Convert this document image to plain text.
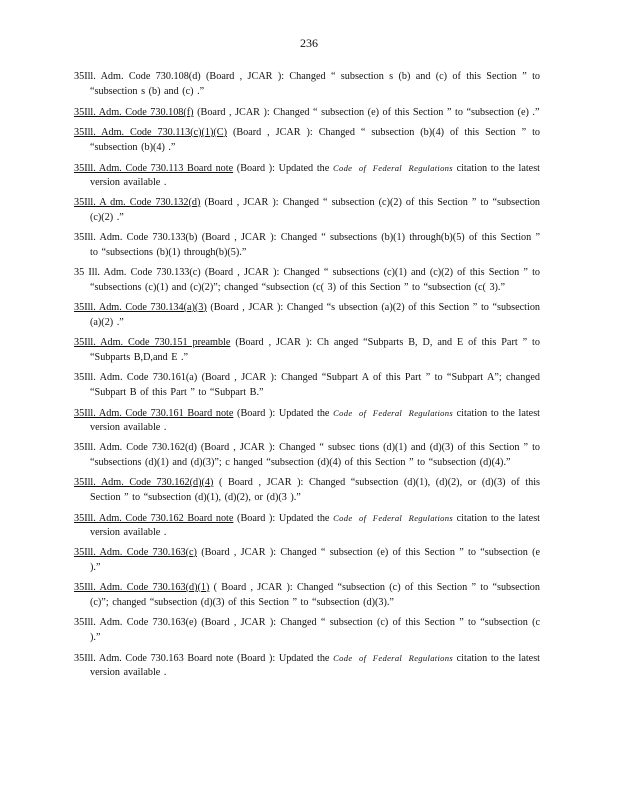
236

35Ill. Adm. Code 730.108(d) (Board , JCAR ): Changed “ subsection s (b) and (c) of this Section ” to “subsection s (b) and (c) .”

35Ill. Adm. Code 730.108(f) (Board , JCAR ): Changed “ subsection (e) of this Section ” to “subsection (e) .”

35Ill. Adm. Code 730.113(c)(1)(C) (Board , JCAR ): Changed “ subsection (b)(4) of this Section ” to “subsection (b)(4) .”

35Ill. Adm. Code 730.113 Board note (Board ): Updated the Code of Federal Regulations citation to the latest version available .

35Ill. A dm. Code 730.132(d) (Board , JCAR ): Changed “ subsection (c)(2) of this Section ” to “subsection (c)(2) .”

35Ill. Adm. Code 730.133(b) (Board , JCAR ): Changed “ subsections (b)(1) through(b)(5) of this Section ” to “subsections (b)(1) through(b)(5).”

35 Ill. Adm. Code 730.133(c) (Board , JCAR ): Changed “ subsections (c)(1) and (c)(2) of this Section ” to “subsections (c)(1) and (c)(2)”; changed “subsection (c( 3) of this Section ” to “subsection (c( 3).”

35Ill. Adm. Code 730.134(a)(3) (Board , JCAR ): Changed “s ubsection (a)(2) of this Section ” to “subsection (a)(2) .”

35Ill. Adm. Code 730.151 preamble (Board , JCAR ): Ch anged “Subparts B, D, and E of this Part ” to “Subparts B,D,and E .”

35Ill. Adm. Code 730.161(a) (Board , JCAR ): Changed “Subpart A of this Part ” to “Subpart A”; changed “Subpart B of this Part ” to “Subpart B.”

35Ill. Adm. Code 730.161 Board note (Board ): Updated the Code of Federal Regulations citation to the latest version available .

35Ill. Adm. Code 730.162(d) (Board , JCAR ): Changed “ subsec tions (d)(1) and (d)(3) of this Section ” to “subsections (d)(1) and (d)(3)”; c hanged “subsection (d)(4) of this Section ” to “subsection (d)(4).”

35Ill. Adm. Code 730.162(d)(4) ( Board , JCAR ): Changed “subsection (d)(1), (d)(2), or (d)(3) of this Section ” to “subsection (d)(1), (d)(2), or (d)(3 ).”

35Ill. Adm. Code 730.162 Board note (Board ): Updated the Code of Federal Regulations citation to the latest version available .

35Ill. Adm. Code 730.163(c) (Board , JCAR ): Changed “ subsection (e) of this Section ” to “subsection (e ).”

35Ill. Adm. Code 730.163(d)(1) ( Board , JCAR ): Changed “subsection (c) of this Section ” to “subsection (c)”; changed “subsection (d)(3) of this Section ” to “subsection (d)(3).”

35Ill. Adm. Code 730.163(e) (Board , JCAR ): Changed “ subsection (c) of this Section ” to “subsection (c ).”

35Ill. Adm. Code 730.163 Board note (Board ): Updated the Code of Federal Regulations citation to the latest version available .
